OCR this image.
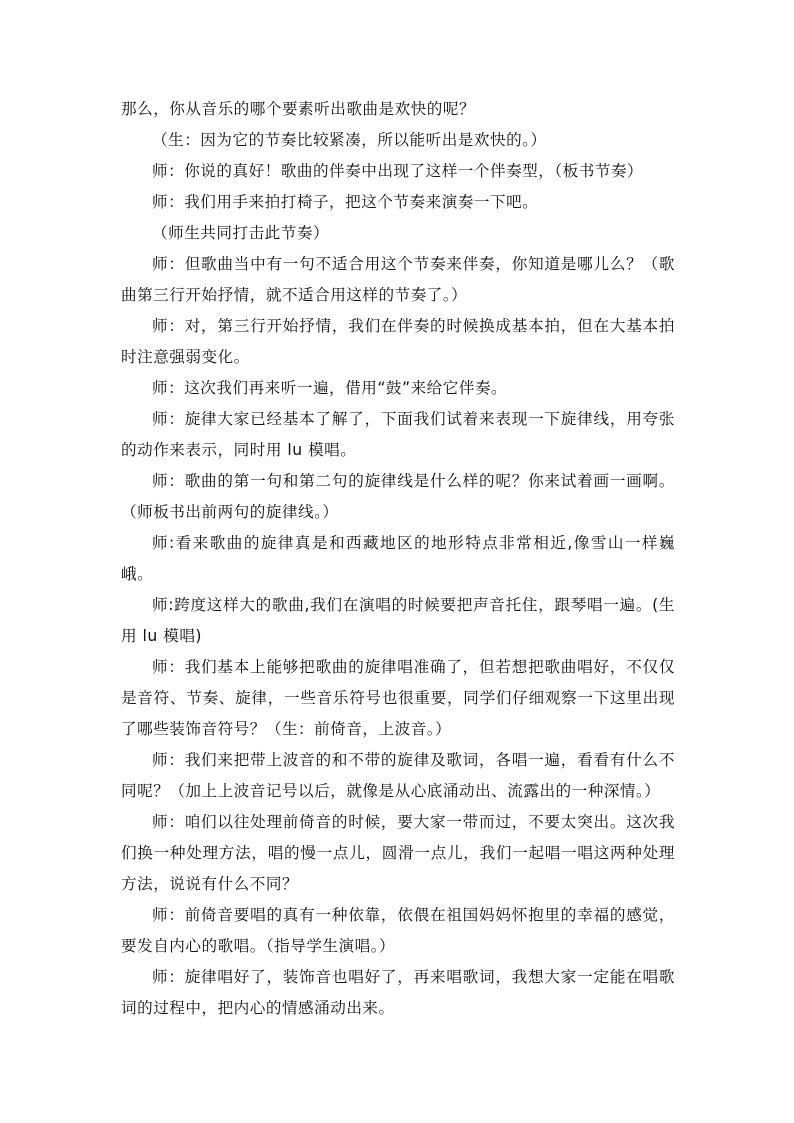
那么，你从音乐的哪个要素听出歌曲是欢快的呢？

（生：因为它的节奏比较紧凑，所以能听出是欢快的。）

师：你说的真好！歌曲的伴奏中出现了这样一个伴奏型，（板书节奏）

师：我们用手来拍打椅子，把这个节奏来演奏一下吧。

（师生共同打击此节奏）

师：但歌曲当中有一句不适合用这个节奏来伴奏，你知道是哪儿么？（歌曲第三行开始抒情，就不适合用这样的节奏了。）

师：对，第三行开始抒情，我们在伴奏的时候换成基本拍，但在大基本拍时注意强弱变化。

师：这次我们再来听一遍，借用“鼓”来给它伴奏。

师：旋律大家已经基本了解了，下面我们试着来表现一下旋律线，用夸张的动作来表示，同时用 lu 模唱。

师：歌曲的第一句和第二句的旋律线是什么样的呢？你来试着画一画啊。（师板书出前两句的旋律线。）

师:看来歌曲的旋律真是和西藏地区的地形特点非常相近,像雪山一样巍峨。

师:跨度这样大的歌曲,我们在演唱的时候要把声音托住，跟琴唱一遍。(生用 lu 模唱)

师：我们基本上能够把歌曲的旋律唱准确了，但若想把歌曲唱好，不仅仅是音符、节奏、旋律，一些音乐符号也很重要，同学们仔细观察一下这里出现了哪些装饰音符号？（生：前倚音，上波音。）

师：我们来把带上波音的和不带的旋律及歌词，各唱一遍，看看有什么不同呢？（加上上波音记号以后，就像是从心底涌动出、流露出的一种深情。）

师：咱们以往处理前倚音的时候，要大家一带而过，不要太突出。这次我们换一种处理方法，唱的慢一点儿，圆滑一点儿，我们一起唱一唱这两种处理方法，说说有什么不同？

师：前倚音要唱的真有一种依靠，依偎在祖国妈妈怀抱里的幸福的感觉，要发自内心的歌唱。（指导学生演唱。）

师：旋律唱好了，装饰音也唱好了，再来唱歌词，我想大家一定能在唱歌词的过程中，把内心的情感涌动出来。
